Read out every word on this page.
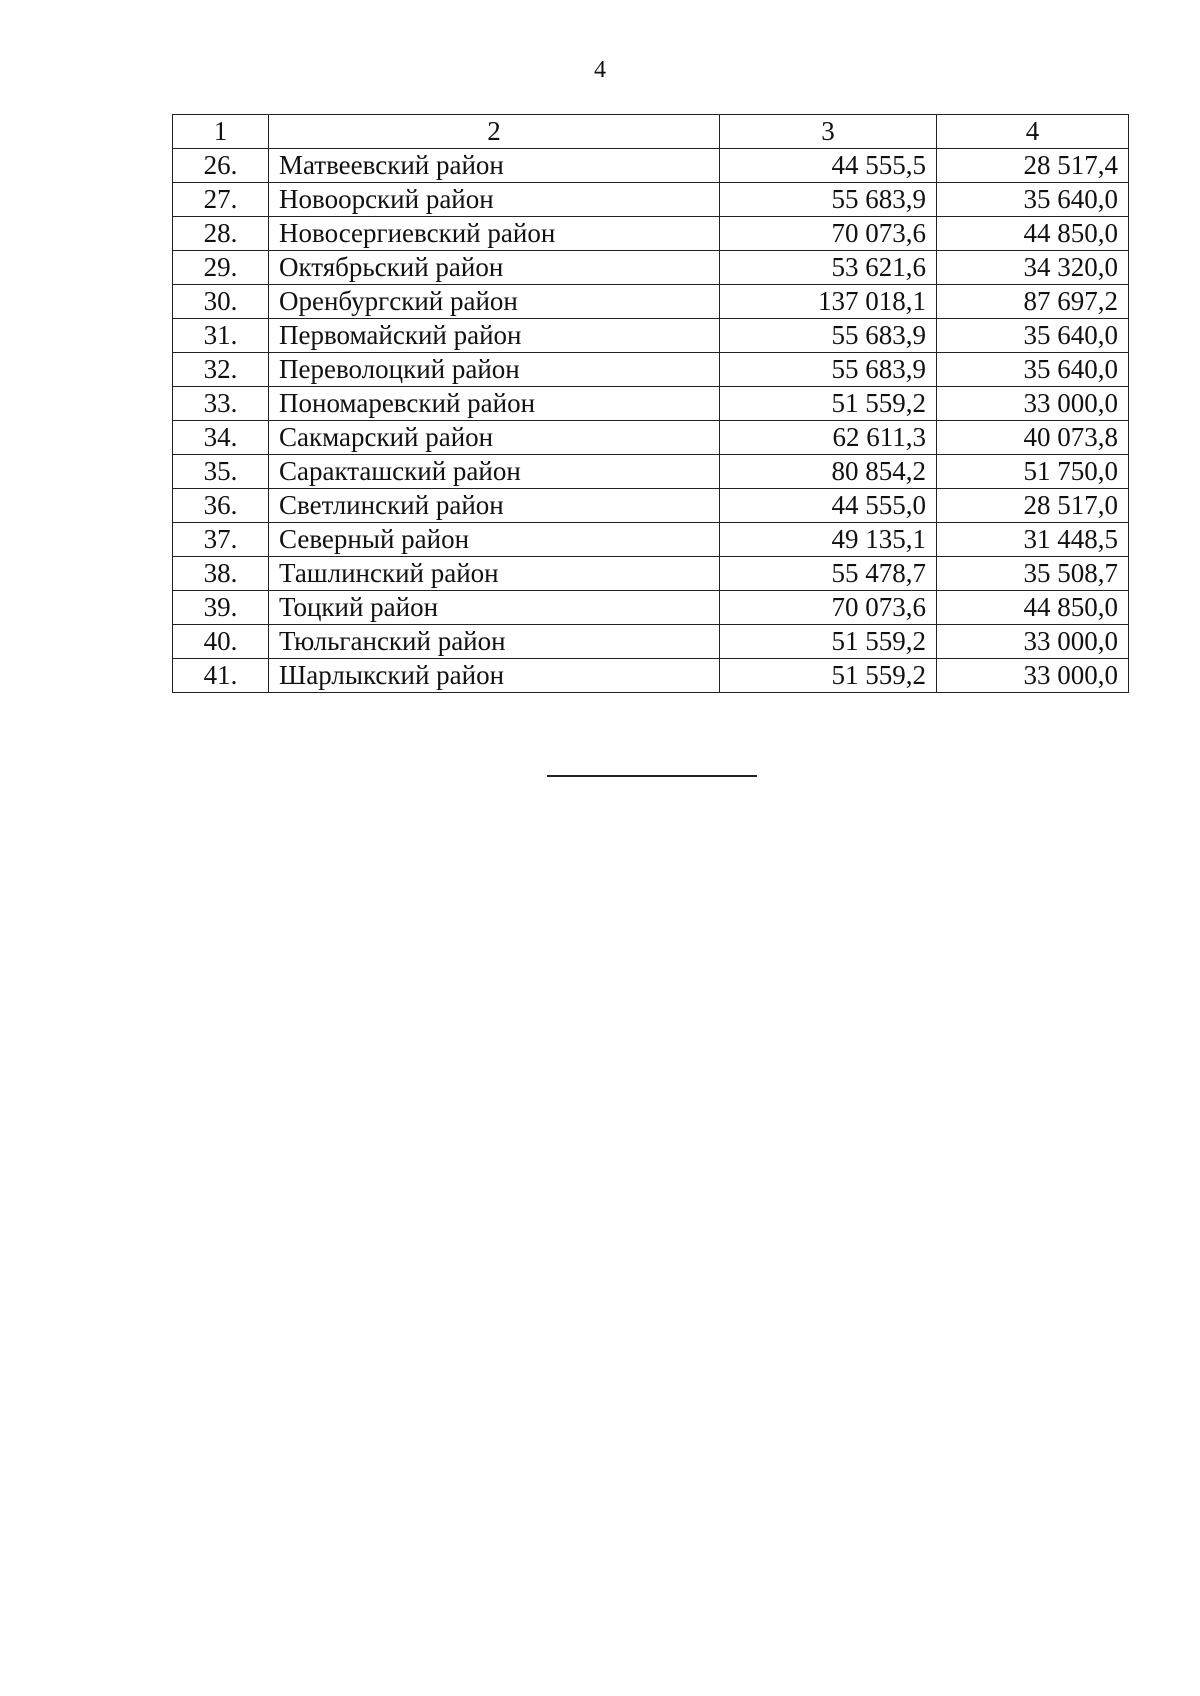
4
1	2	3	4
26.	Матвеевский район	44 555,5	28 517,4
27.	Новоорский район	55 683,9	35 640,0
28.	Новосергиевский район	70 073,6	44 850,0
29.	Октябрьский район	53 621,6	34 320,0
30.	Оренбургский район	137 018,1	87 697,2
31.	Первомайский район	55 683,9	35 640,0
32.	Переволоцкий район	55 683,9	35 640,0
33.	Пономаревский район	51 559,2	33 000,0
34.	Сакмарский район	62 611,3	40 073,8
35.	Саракташский район	80 854,2	51 750,0
36.	Светлинский район	44 555,0	28 517,0
37.	Северный район	49 135,1	31 448,5
38.	Ташлинский район	55 478,7	35 508,7
39.	Тоцкий район	70 073,6	44 850,0
40.	Тюльганский район	51 559,2	33 000,0
41.	Шарлыкский район	51 559,2	33 000,0
